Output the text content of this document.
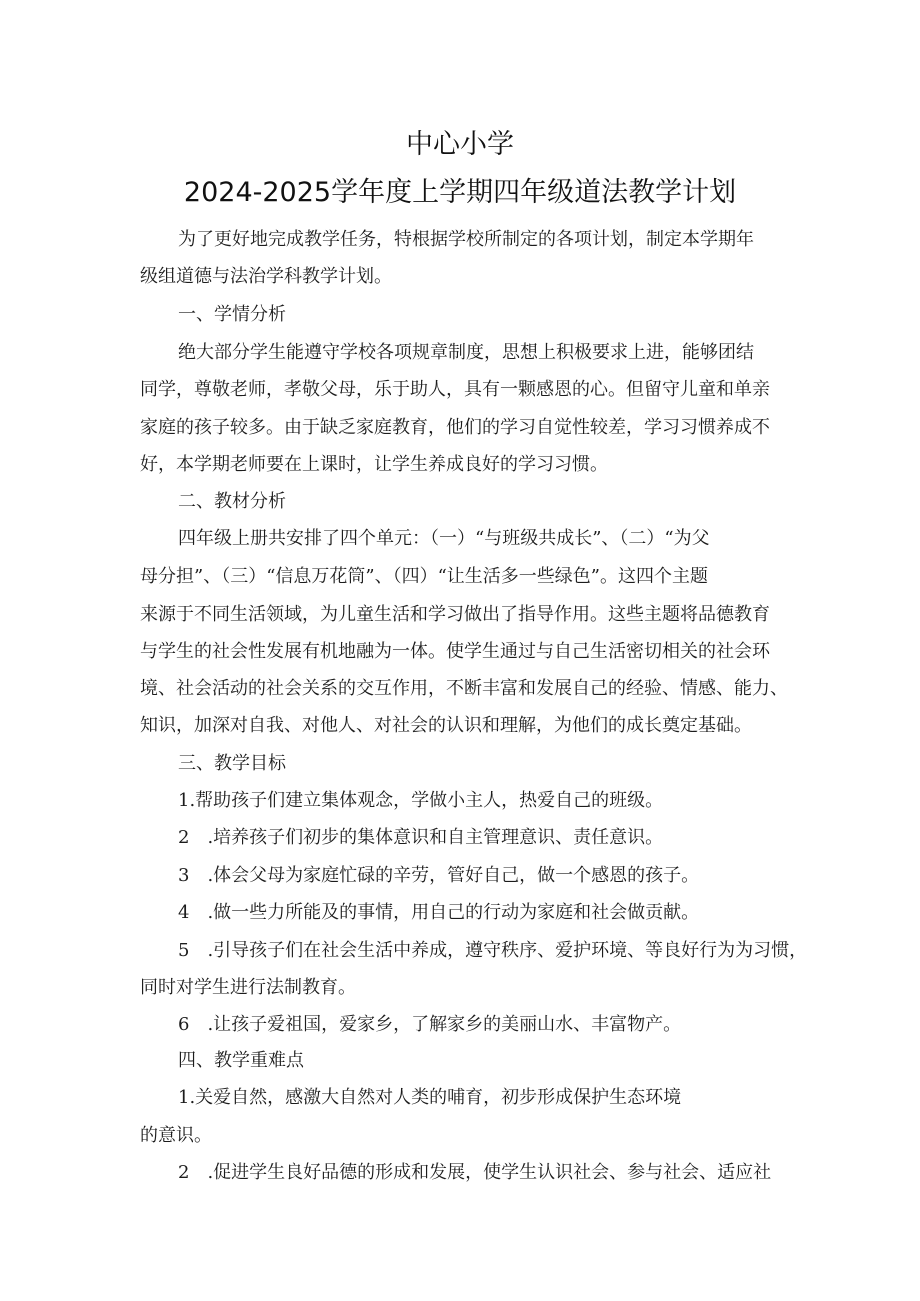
中心小学
2024-2025学年度上学期四年级道法教学计划
为了更好地完成教学任务，特根据学校所制定的各项计划，制定本学期年
级组道德与法治学科教学计划。
一、学情分析
绝大部分学生能遵守学校各项规章制度，思想上积极要求上进，能够团结
同学，尊敬老师，孝敬父母，乐于助人，具有一颗感恩的心。但留守儿童和单亲
家庭的孩子较多。由于缺乏家庭教育，他们的学习自觉性较差，学习习惯养成不
好，本学期老师要在上课时，让学生养成良好的学习习惯。
二、教材分析
四年级上册共安排了四个单元：（一）“与班级共成长”、（二）“为父
母分担”、（三）“信息万花筒”、（四）“让生活多一些绿色”。这四个主题
来源于不同生活领域，为儿童生活和学习做出了指导作用。这些主题将品德教育
与学生的社会性发展有机地融为一体。使学生通过与自己生活密切相关的社会环
境、社会活动的社会关系的交互作用，不断丰富和发展自己的经验、情感、能力、
知识，加深对自我、对他人、对社会的认识和理解，为他们的成长奠定基础。
三、教学目标
1.帮助孩子们建立集体观念，学做小主人，热爱自己的班级。
2　.培养孩子们初步的集体意识和自主管理意识、责任意识。
3　.体会父母为家庭忙碌的辛劳，管好自己，做一个感恩的孩子。
4　.做一些力所能及的事情，用自己的行动为家庭和社会做贡献。
5　.引导孩子们在社会生活中养成，遵守秩序、爱护环境、等良好行为为习惯，
同时对学生进行法制教育。
6　.让孩子爱祖国，爱家乡，了解家乡的美丽山水、丰富物产。
四、教学重难点
1.关爱自然，感激大自然对人类的哺育，初步形成保护生态环境
的意识。
2　.促进学生良好品德的形成和发展，使学生认识社会、参与社会、适应社
